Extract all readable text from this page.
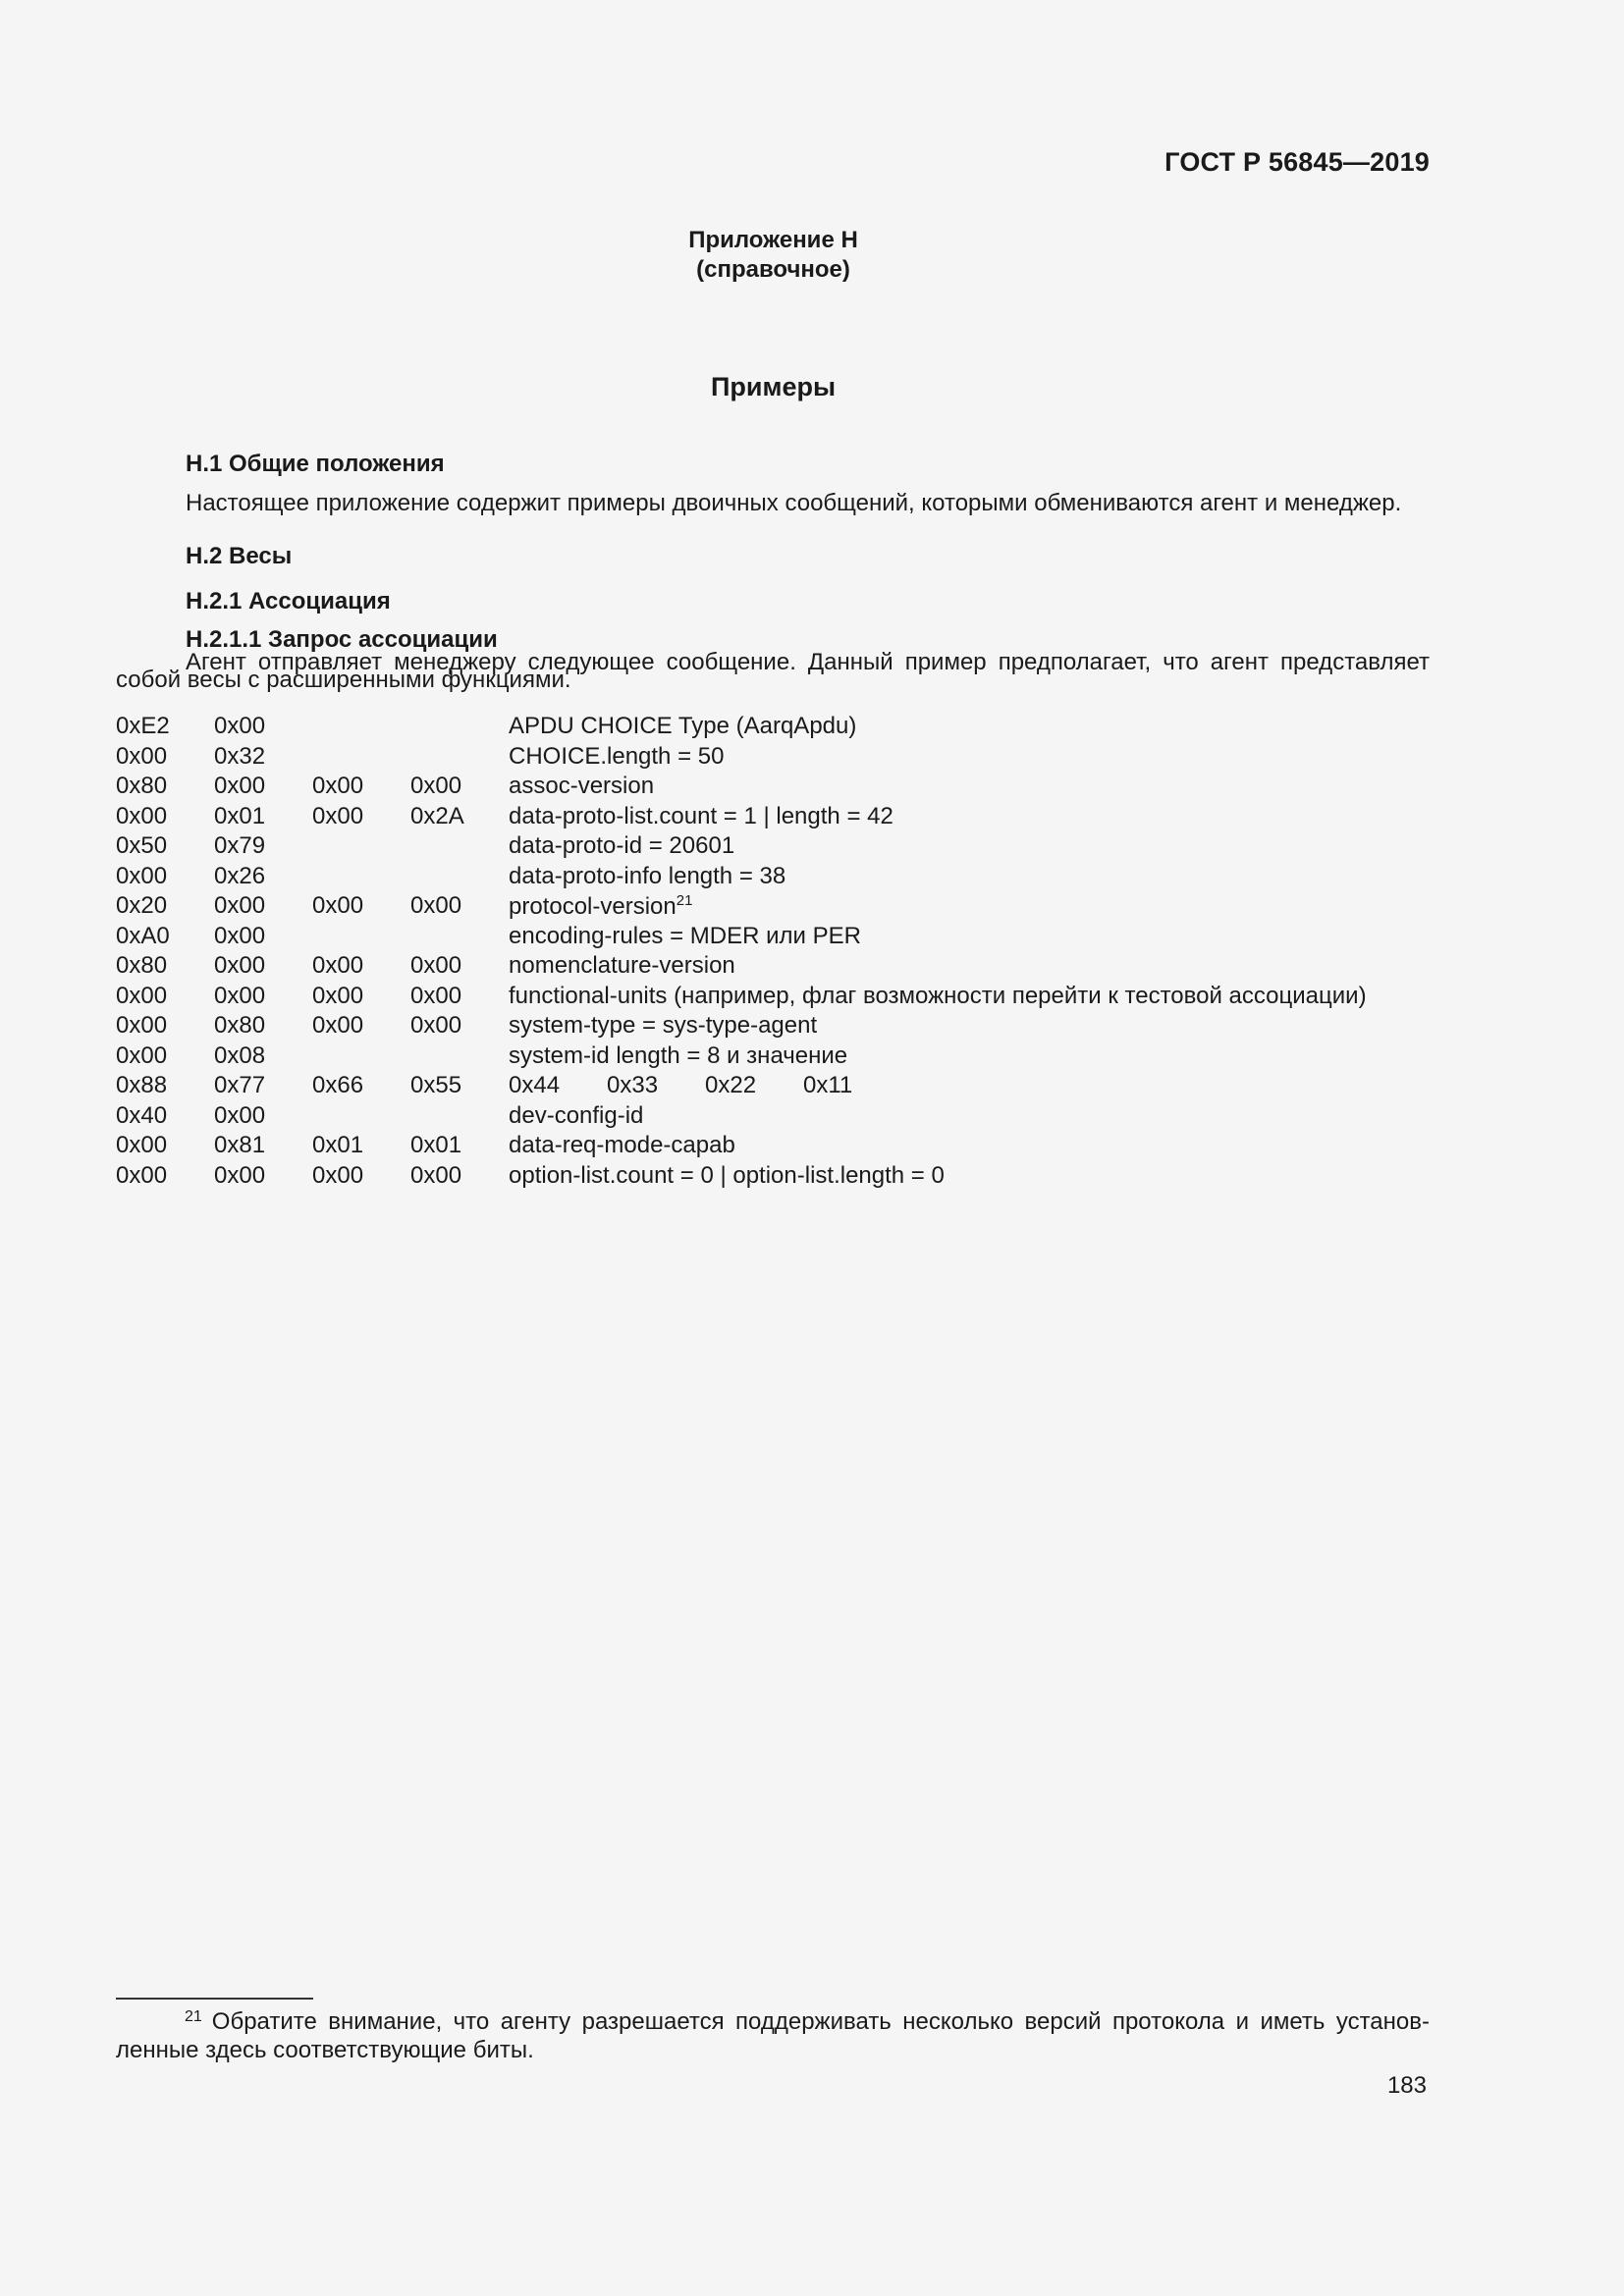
ГОСТ Р 56845—2019
Приложение Н
(справочное)
Примеры
Н.1 Общие положения
Настоящее приложение содержит примеры двоичных сообщений, которыми обмениваются агент и менеджер.
Н.2 Весы
Н.2.1 Ассоциация
Н.2.1.1 Запрос ассоциации
Агент отправляет менеджеру следующее сообщение. Данный пример предполагает, что агент представляет
собой весы с расширенными функциями.
0xE2 0x00	APDU CHOICE Type (AarqApdu)
0x00 0x32	CHOICE.length = 50
0x80 0x00 0x00 0x00 assoc-version
0x00 0x01 0x00 0x2A data-proto-list.count = 1 | length = 42
0x50 0x79	data-proto-id = 20601
0x00 0x26	data-proto-info length = 38
0x20 0x00 0x00 0x00 protocol-version$^{21}$
0xA0 0x00	encoding-rules = MDER или PER
0x80 0x00 0x00 0x00 nomenclature-version
0x00 0x00 0x00 0x00 functional-units (например, флаг возможности перейти к тестовой ассоциации)
0x00 0x80 0x00 0x00 system-type = sys-type-agent
0x00 0x08	system-id length = 8 и значение
0x88 0x77 0x66 0x55 0x44 0x33 0x22 0x11
0x40 0x00	dev-config-id
0x00 0x81 0x01 0x01 data-req-mode-capab
0x00 0x00 0x00 0x00 option-list.count = 0 | option-list.length = 0
$^{21}$ Обратите внимание, что агенту разрешается поддерживать несколько версий протокола и иметь установ-
ленные здесь соответствующие биты.
183
